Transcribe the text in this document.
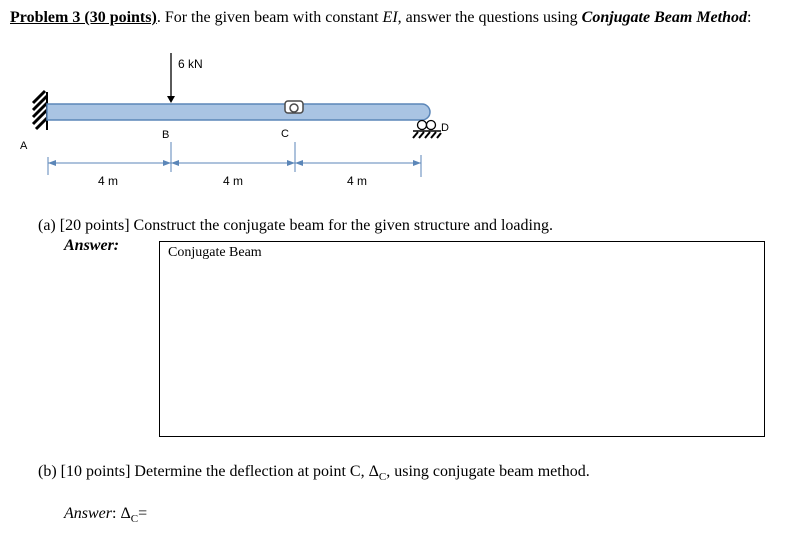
Problem 3 (30 points). For the given beam with constant EI, answer the questions using Conjugate Beam Method:
6 kN
A
B	C	D
4 m	4 m	4 m
(a) [20 points] Construct the conjugate beam for the given structure and loading.
Answer:	Conjugate Beam
(b) [10 points] Determine the deflection at point C, $\Delta_C$, using conjugate beam method.
Answer: $\Delta_C=$
